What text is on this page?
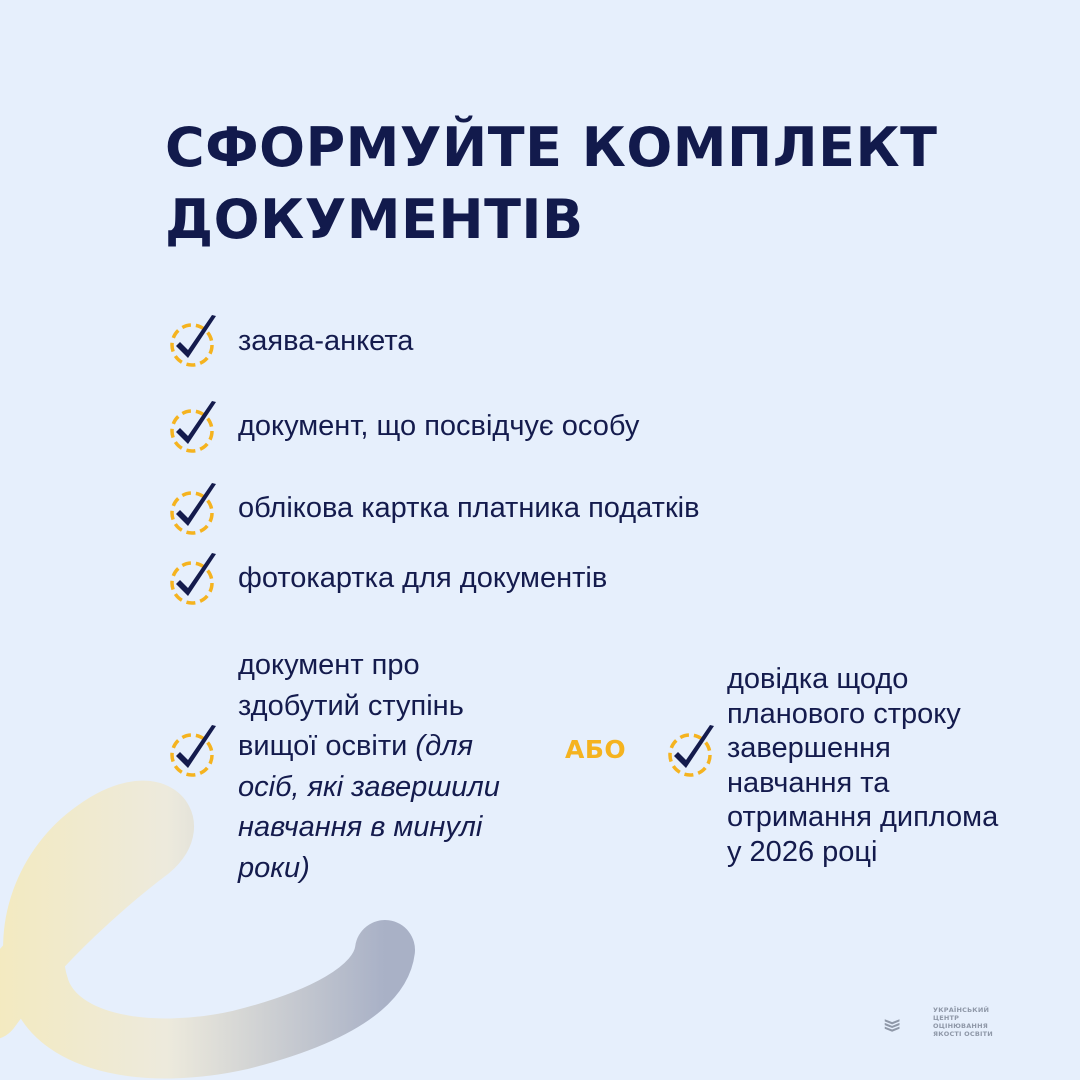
СФОРМУЙТЕ КОМПЛЕКТ
ДОКУМЕНТІВ
заява-анкета
документ, що посвідчує особу
облікова картка платника податків
фотокартка для документів
документ про
здобутий ступінь
вищої освіти (для
осіб, які завершили
навчання в минулі
роки)
АБО
довідка щодо
планового строку
завершення
навчання та
отримання диплома
у 2026 році
УКРАЇНСЬКИЙ
ЦЕНТР
ОЦІНЮВАННЯ
ЯКОСТІ ОСВІТИ
